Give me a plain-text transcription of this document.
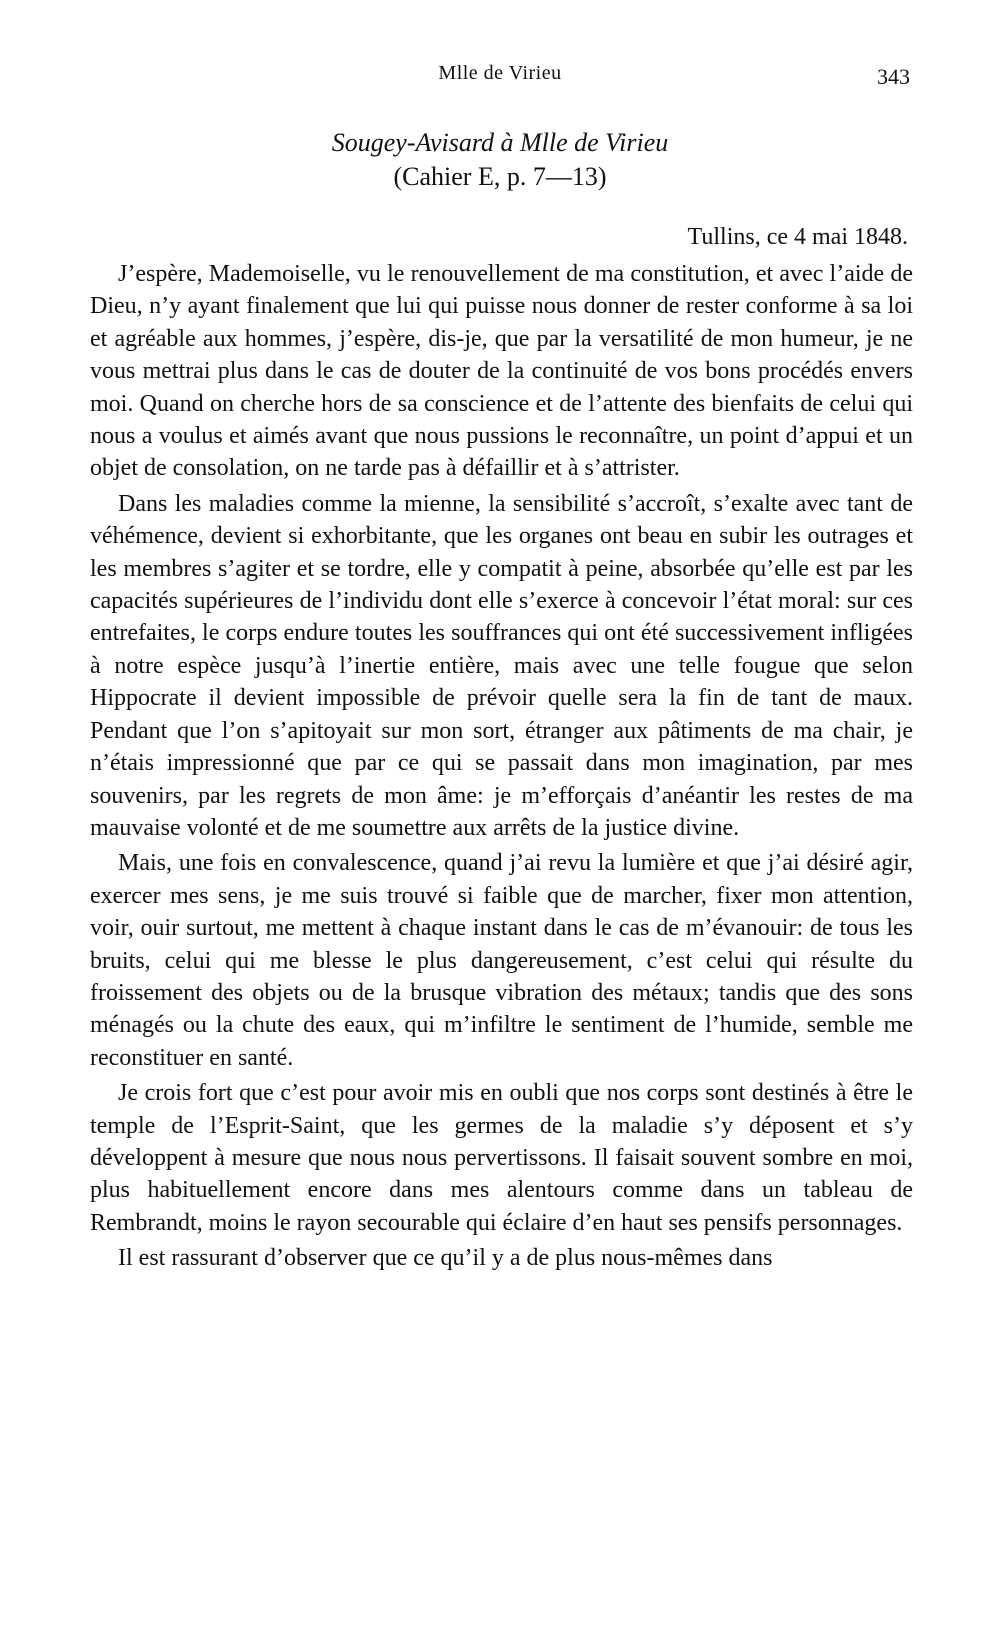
Mlle de Virieu	343
Sougey-Avisard à Mlle de Virieu
(Cahier E, p. 7—13)
Tullins, ce 4 mai 1848.

J’espère, Mademoiselle, vu le renouvellement de ma constitution, et avec l’aide de Dieu, n’y ayant finalement que lui qui puisse nous donner de rester conforme à sa loi et agréable aux hommes, j’espère, dis-je, que par la versatilité de mon humeur, je ne vous mettrai plus dans le cas de douter de la continuité de vos bons procédés envers moi. Quand on cherche hors de sa conscience et de l’attente des bienfaits de celui qui nous a voulus et aimés avant que nous pussions le reconnaître, un point d’appui et un objet de consolation, on ne tarde pas à défaillir et à s’attrister.

Dans les maladies comme la mienne, la sensibilité s’accroît, s’exalte avec tant de véhémence, devient si exhorbitante, que les organes ont beau en subir les outrages et les membres s’agiter et se tordre, elle y compatit à peine, absorbée qu’elle est par les capacités supérieures de l’individu dont elle s’exerce à concevoir l’état moral: sur ces entrefaites, le corps endure toutes les souffrances qui ont été successivement infligées à notre espèce jusqu’à l’inertie entière, mais avec une telle fougue que selon Hippocrate il devient impossible de prévoir quelle sera la fin de tant de maux. Pendant que l’on s’apitoyait sur mon sort, étranger aux pâtiments de ma chair, je n’étais impressionné que par ce qui se passait dans mon imagination, par mes souvenirs, par les regrets de mon âme: je m’efforçais d’anéantir les restes de ma mauvaise volonté et de me soumettre aux arrêts de la justice divine.

Mais, une fois en convalescence, quand j’ai revu la lumière et que j’ai désiré agir, exercer mes sens, je me suis trouvé si faible que de marcher, fixer mon attention, voir, ouir surtout, me mettent à chaque instant dans le cas de m’évanouir: de tous les bruits, celui qui me blesse le plus dangereusement, c’est celui qui résulte du froissement des objets ou de la brusque vibration des métaux; tandis que des sons ménagés ou la chute des eaux, qui m’infiltre le sentiment de l’humide, semble me reconstituer en santé.

Je crois fort que c’est pour avoir mis en oubli que nos corps sont destinés à être le temple de l’Esprit-Saint, que les germes de la maladie s’y déposent et s’y développent à mesure que nous nous pervertissons. Il faisait souvent sombre en moi, plus habituellement encore dans mes alentours comme dans un tableau de Rembrandt, moins le rayon secourable qui éclaire d’en haut ses pensifs personnages.

Il est rassurant d’observer que ce qu’il y a de plus nous-mêmes dans
